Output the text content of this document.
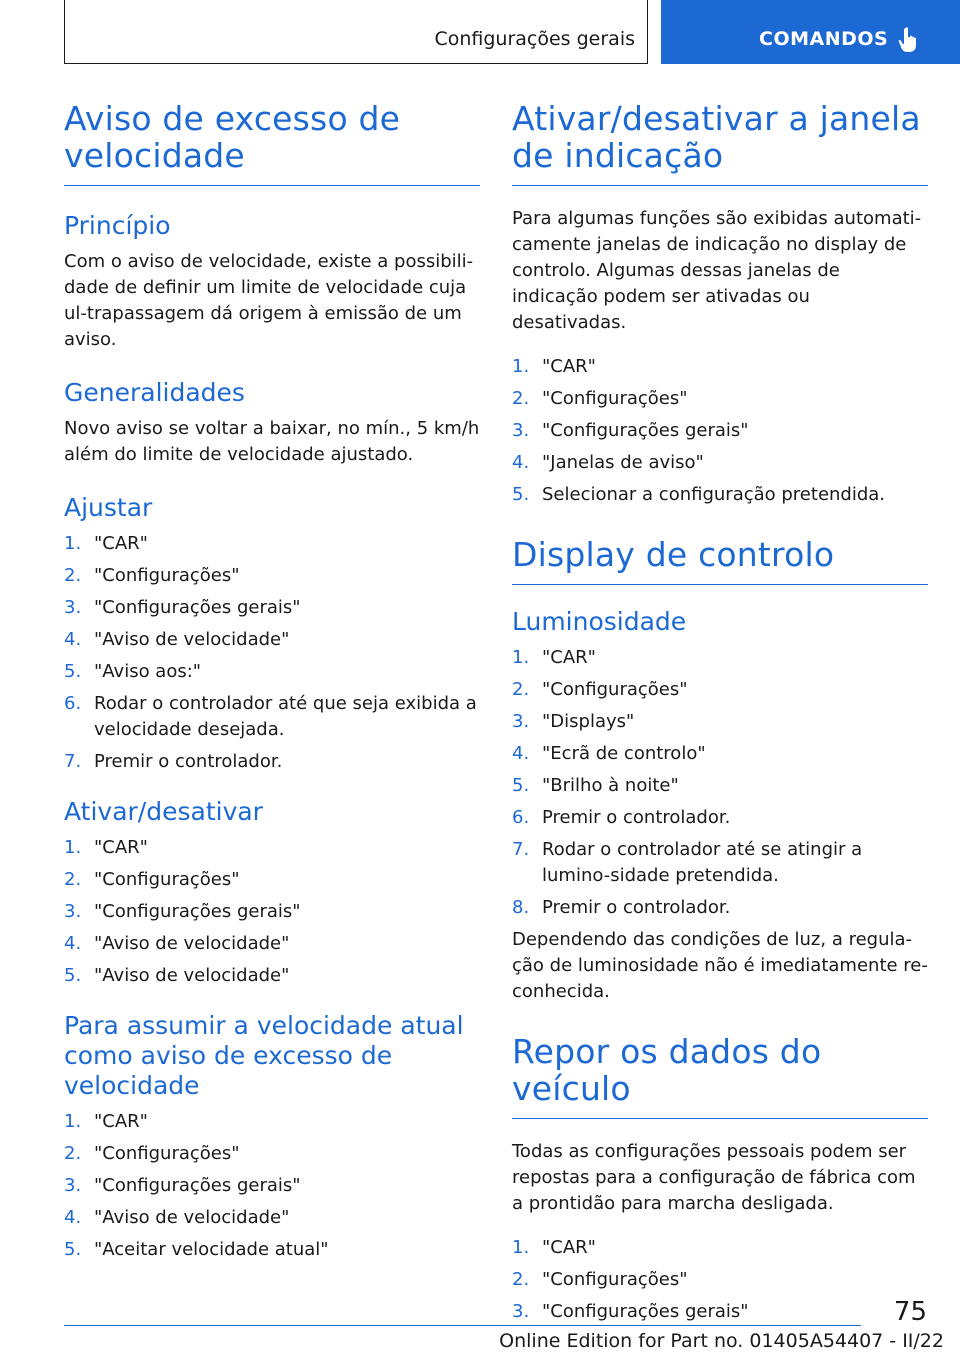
Configurações gerais	COMANDOS
Aviso de excesso de velocidade
Princípio

Com o aviso de velocidade, existe a possibili-dade de definir um limite de velocidade cuja ul-trapassagem dá origem à emissão de um aviso.

Generalidades

Novo aviso se voltar a baixar, no mín., 5 km/h além do limite de velocidade ajustado.

Ajustar
1. "CAR"
2. "Configurações"
3. "Configurações gerais"
4. "Aviso de velocidade"
5. "Aviso aos:"
6. Rodar o controlador até que seja exibida a velocidade desejada.
7. Premir o controlador.
Ativar/desativar
1. "CAR"
2. "Configurações"
3. "Configurações gerais"
4. "Aviso de velocidade"
5. "Aviso de velocidade"
Para assumir a velocidade atual como aviso de excesso de velocidade
1. "CAR"
2. "Configurações"
3. "Configurações gerais"
4. "Aviso de velocidade"
5. "Aceitar velocidade atual"
Ativar/desativar a janela de indicação

Para algumas funções são exibidas automati-camente janelas de indicação no display de controlo. Algumas dessas janelas de indicação podem ser ativadas ou desativadas.

1. "CAR"
2. "Configurações"
3. "Configurações gerais"
4. "Janelas de aviso"
5. Selecionar a configuração pretendida.
Display de controlo
Luminosidade
1. "CAR"
2. "Configurações"
3. "Displays"
4. "Ecrã de controlo"
5. "Brilho à noite"
6. Premir o controlador.
7. Rodar o controlador até se atingir a lumino-sidade pretendida.
8. Premir o controlador.

Dependendo das condições de luz, a regula-ção de luminosidade não é imediatamente re-conhecida.

Repor os dados do veículo

Todas as configurações pessoais podem ser repostas para a configuração de fábrica com a prontidão para marcha desligada.

1. "CAR"
2. "Configurações"
3. "Configurações gerais"	75
Online Edition for Part no. 01405A54407 - II/22
